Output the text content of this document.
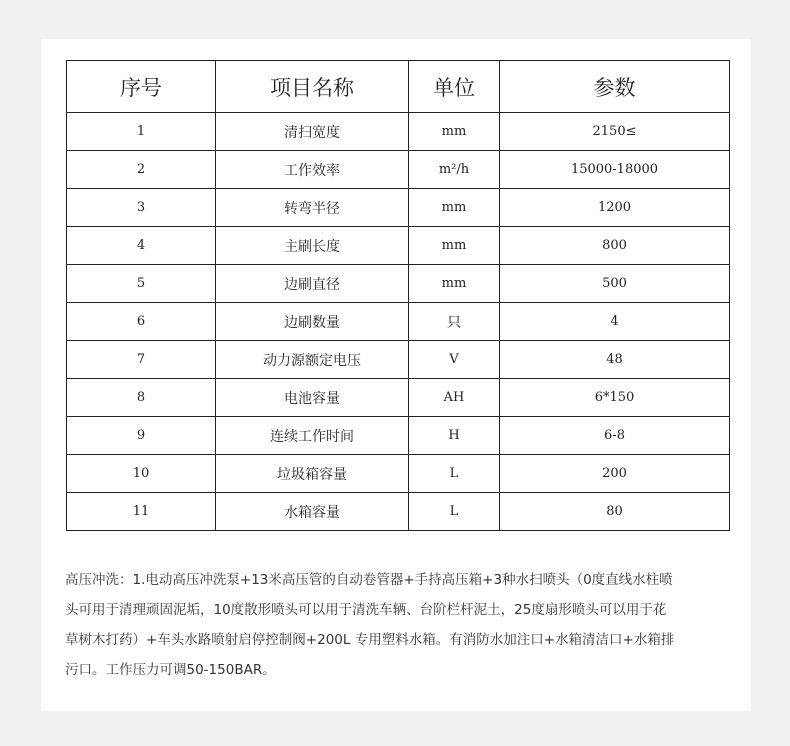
序号	项目名称	单位	参数
1	清扫宽度	mm	2150≤
2	工作效率	m²/h	15000-18000
3	转弯半径	mm	1200
4	主刷长度	mm	800
5	边刷直径	mm	500
6	边刷数量	只	4
7	动力源额定电压	V	48
8	电池容量	AH	6*150
9	连续工作时间	H	6-8
10	垃圾箱容量	L	200
11	水箱容量	L	80

高压冲洗：1.电动高压冲洗泵+13米高压管的自动卷管器+手持高压箱+3种水扫喷头（0度直线水柱喷
头可用于清理顽固泥垢，10度散形喷头可以用于清洗车辆、台阶栏杆泥土，25度扇形喷头可以用于花
草树木打药）+车头水路喷射启停控制阀+200L 专用塑料水箱。有消防水加注口+水箱清洁口+水箱排
污口。工作压力可调50-150BAR。
